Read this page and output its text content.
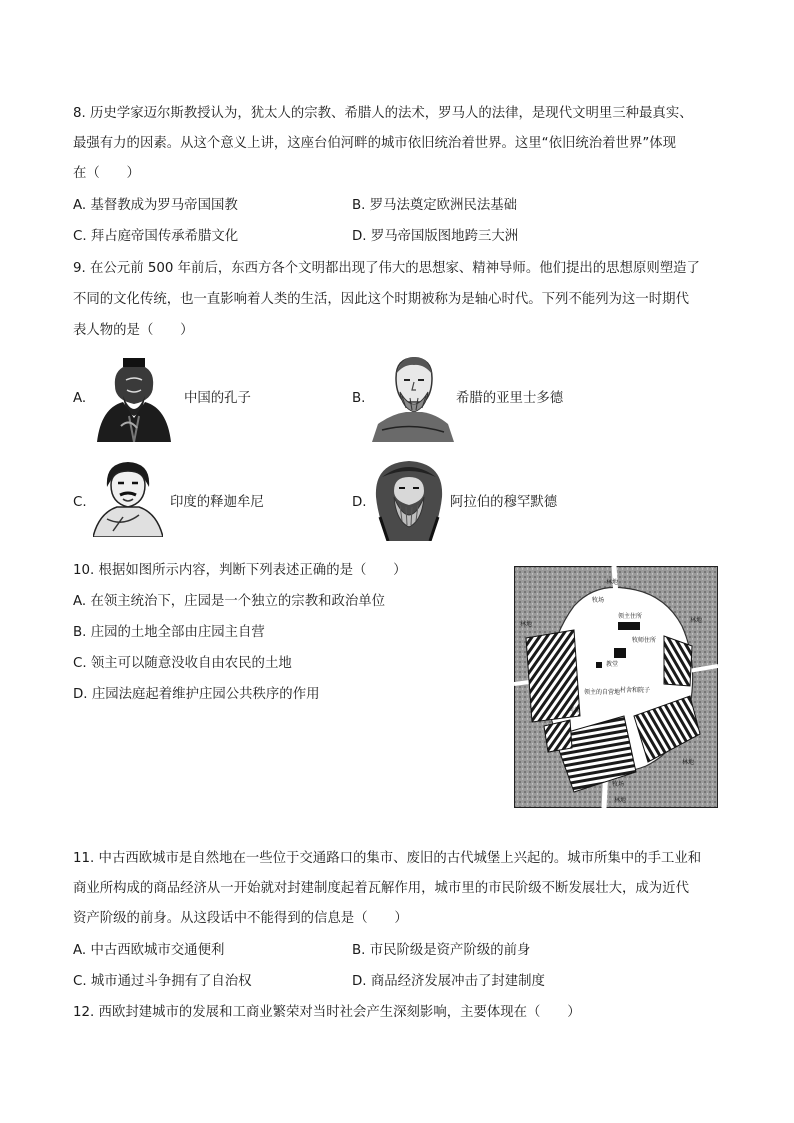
8. 历史学家迈尔斯教授认为，犹太人的宗教、希腊人的法术，罗马人的法律，是现代文明里三种最真实、
最强有力的因素。从这个意义上讲，这座台伯河畔的城市依旧统治着世界。这里“依旧统治着世界”体现
在（　　）
A. 基督教成为罗马帝国国教	B. 罗马法奠定欧洲民法基础
C. 拜占庭帝国传承希腊文化	D. 罗马帝国版图地跨三大洲
9. 在公元前 500 年前后，东西方各个文明都出现了伟大的思想家、精神导师。他们提出的思想原则塑造了
不同的文化传统，也一直影响着人类的生活，因此这个时期被称为是轴心时代。下列不能列为这一时期代
表人物的是（　　）
A.	中国的孔子	B.	希腊的亚里士多德
C.	印度的释迦牟尼	D.	阿拉伯的穆罕默德
10. 根据如图所示内容，判断下列表述正确的是（　　）
A. 在领主统治下，庄园是一个独立的宗教和政治单位
B. 庄园的土地全部由庄园主自营
C. 领主可以随意没收自由农民的土地
D. 庄园法庭起着维护庄园公共秩序的作用
林地
林地
林地
林地
林地
牧场
牧场
领主住所
牧师住所
教堂
村舍和院子
领主的自营地
河流
11. 中古西欧城市是自然地在一些位于交通路口的集市、废旧的古代城堡上兴起的。城市所集中的手工业和
商业所构成的商品经济从一开始就对封建制度起着瓦解作用，城市里的市民阶级不断发展壮大，成为近代
资产阶级的前身。从这段话中不能得到的信息是（　　）
A. 中古西欧城市交通便利	B. 市民阶级是资产阶级的前身
C. 城市通过斗争拥有了自治权	D. 商品经济发展冲击了封建制度
12. 西欧封建城市的发展和工商业繁荣对当时社会产生深刻影响，主要体现在（　　）
